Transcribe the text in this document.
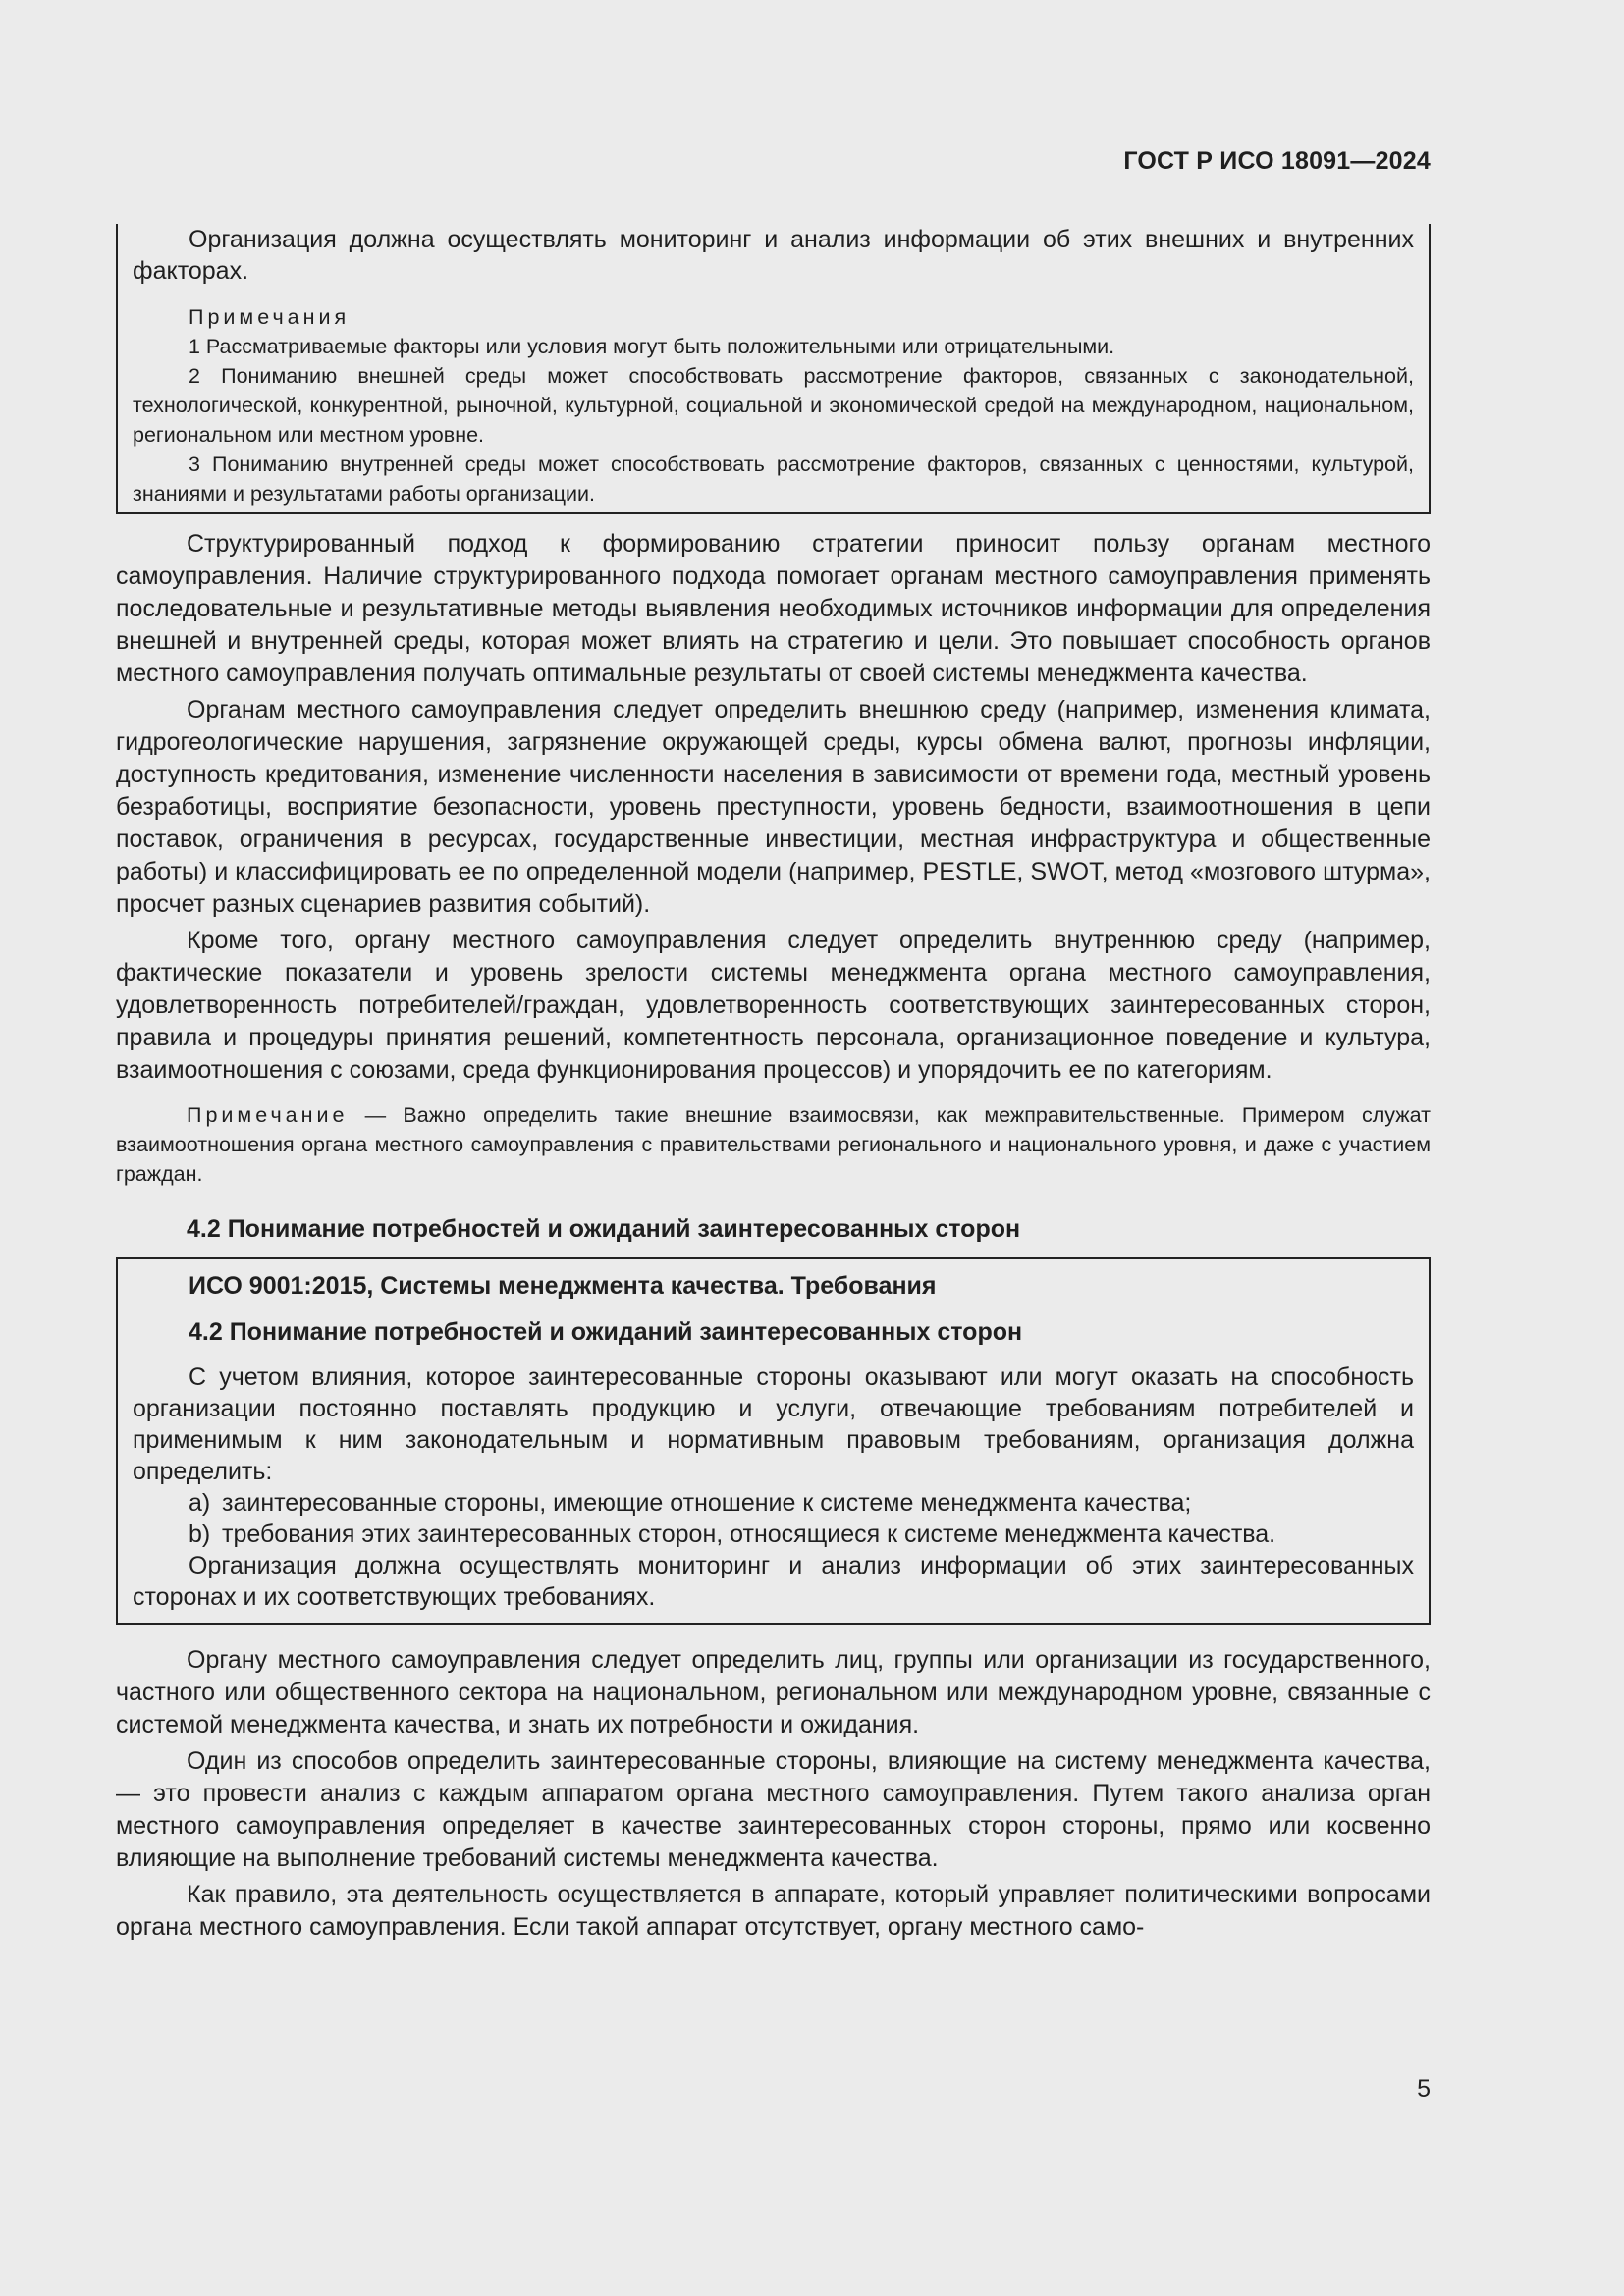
ГОСТ Р ИСО 18091—2024

Организация должна осуществлять мониторинг и анализ информации об этих внешних и внутренних факторах.

Примечания

1 Рассматриваемые факторы или условия могут быть положительными или отрицательными.

2 Пониманию внешней среды может способствовать рассмотрение факторов, связанных с законодательной, технологической, конкурентной, рыночной, культурной, социальной и экономической средой на международном, национальном, региональном или местном уровне.

3 Пониманию внутренней среды может способствовать рассмотрение факторов, связанных с ценностями, культурой, знаниями и результатами работы организации.

Структурированный подход к формированию стратегии приносит пользу органам местного самоуправления. Наличие структурированного подхода помогает органам местного самоуправления применять последовательные и результативные методы выявления необходимых источников информации для определения внешней и внутренней среды, которая может влиять на стратегию и цели. Это повышает способность органов местного самоуправления получать оптимальные результаты от своей системы менеджмента качества.

Органам местного самоуправления следует определить внешнюю среду (например, изменения климата, гидрогеологические нарушения, загрязнение окружающей среды, курсы обмена валют, прогнозы инфляции, доступность кредитования, изменение численности населения в зависимости от времени года, местный уровень безработицы, восприятие безопасности, уровень преступности, уровень бедности, взаимоотношения в цепи поставок, ограничения в ресурсах, государственные инвестиции, местная инфраструктура и общественные работы) и классифицировать ее по определенной модели (например, PESTLE, SWOT, метод «мозгового штурма», просчет разных сценариев развития событий).

Кроме того, органу местного самоуправления следует определить внутреннюю среду (например, фактические показатели и уровень зрелости системы менеджмента органа местного самоуправления, удовлетворенность потребителей/граждан, удовлетворенность соответствующих заинтересованных сторон, правила и процедуры принятия решений, компетентность персонала, организационное поведение и культура, взаимоотношения с союзами, среда функционирования процессов) и упорядочить ее по категориям.

Примечание — Важно определить такие внешние взаимосвязи, как межправительственные. Примером служат взаимоотношения органа местного самоуправления с правительствами регионального и национального уровня, и даже с участием граждан.

4.2 Понимание потребностей и ожиданий заинтересованных сторон
ИСО 9001:2015, Системы менеджмента качества. Требования
4.2 Понимание потребностей и ожиданий заинтересованных сторон

С учетом влияния, которое заинтересованные стороны оказывают или могут оказать на способность организации постоянно поставлять продукцию и услуги, отвечающие требованиям потребителей и применимым к ним законодательным и нормативным правовым требованиям, организация должна определить:

a) заинтересованные стороны, имеющие отношение к системе менеджмента качества;

b) требования этих заинтересованных сторон, относящиеся к системе менеджмента качества.

Организация должна осуществлять мониторинг и анализ информации об этих заинтересованных сторонах и их соответствующих требованиях.

Органу местного самоуправления следует определить лиц, группы или организации из государственного, частного или общественного сектора на национальном, региональном или международном уровне, связанные с системой менеджмента качества, и знать их потребности и ожидания.

Один из способов определить заинтересованные стороны, влияющие на систему менеджмента качества, — это провести анализ с каждым аппаратом органа местного самоуправления. Путем такого анализа орган местного самоуправления определяет в качестве заинтересованных сторон стороны, прямо или косвенно влияющие на выполнение требований системы менеджмента качества.

Как правило, эта деятельность осуществляется в аппарате, который управляет политическими вопросами органа местного самоуправления. Если такой аппарат отсутствует, органу местного само-

5
